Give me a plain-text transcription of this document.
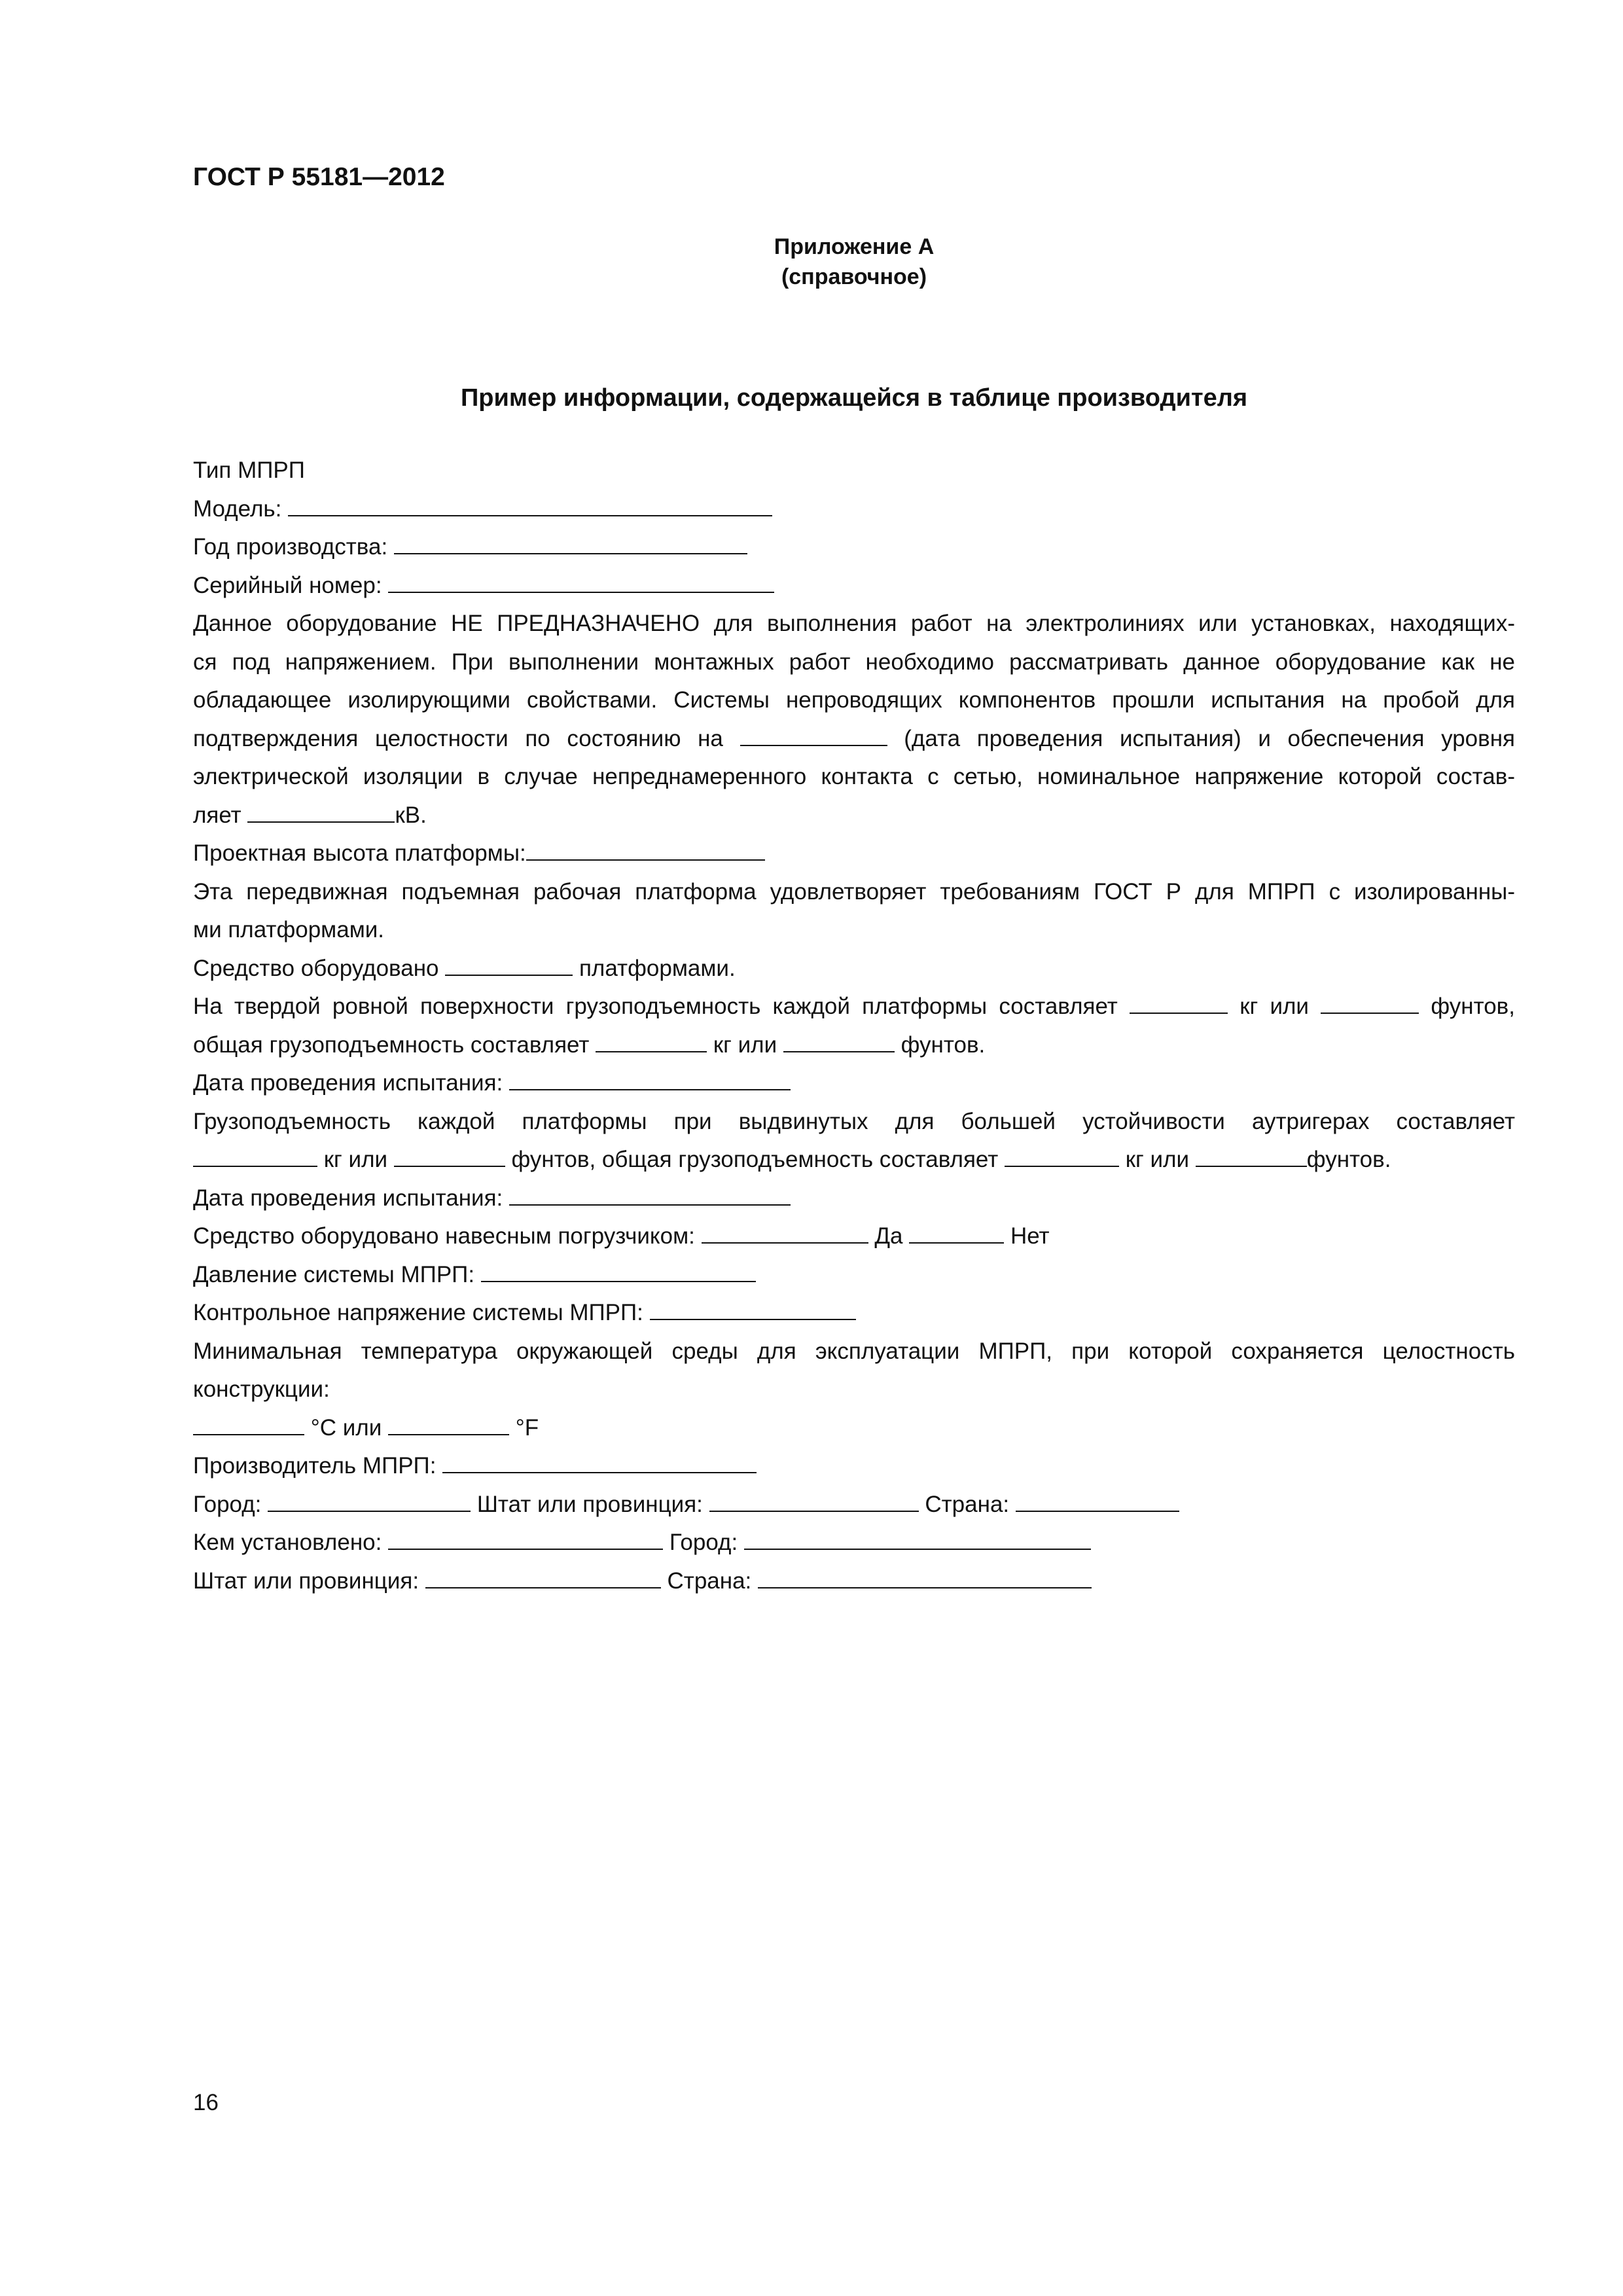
ГОСТ Р 55181—2012
Приложение А
(справочное)
Пример информации, содержащейся в таблице производителя
Тип МПРП
Модель:
Год производства:
Серийный номер:
Данное оборудование НЕ ПРЕДНАЗНАЧЕНО для выполнения работ на электролиниях или установках, находящих-
ся под напряжением. При выполнении монтажных работ необходимо рассматривать данное оборудование как не
обладающее изолирующими свойствами. Системы непроводящих компонентов прошли испытания на пробой для
подтверждения целостности по состоянию на	(дата проведения испытания) и обеспечения уровня
электрической изоляции в случае непреднамеренного контакта с сетью, номинальное напряжение которой состав-
ляет	кВ.
Проектная высота платформы:
Эта передвижная подъемная рабочая платформа удовлетворяет требованиям ГОСТ Р для МПРП с изолированны-
ми платформами.
Средство оборудовано	платформами.
На твердой ровной поверхности грузоподъемность каждой платформы составляет	кг или	фунтов,
общая грузоподъемность составляет	кг или	фунтов.
Дата проведения испытания:
Грузоподъемность каждой платформы при выдвинутых для большей устойчивости аутригерах составляет
кг или	фунтов, общая грузоподъемность составляет	кг или	фунтов.
Дата проведения испытания:
Средство оборудовано навесным погрузчиком:	Да	Нет
Давление системы МПРП:
Контрольное напряжение системы МПРП:
Минимальная температура окружающей среды для эксплуатации МПРП, при которой сохраняется целостность
конструкции:
°С или	°F
Производитель МПРП:
Город:	Штат или провинция:	Страна:
Кем установлено:	Город:
Штат или провинция:	Страна:
16
